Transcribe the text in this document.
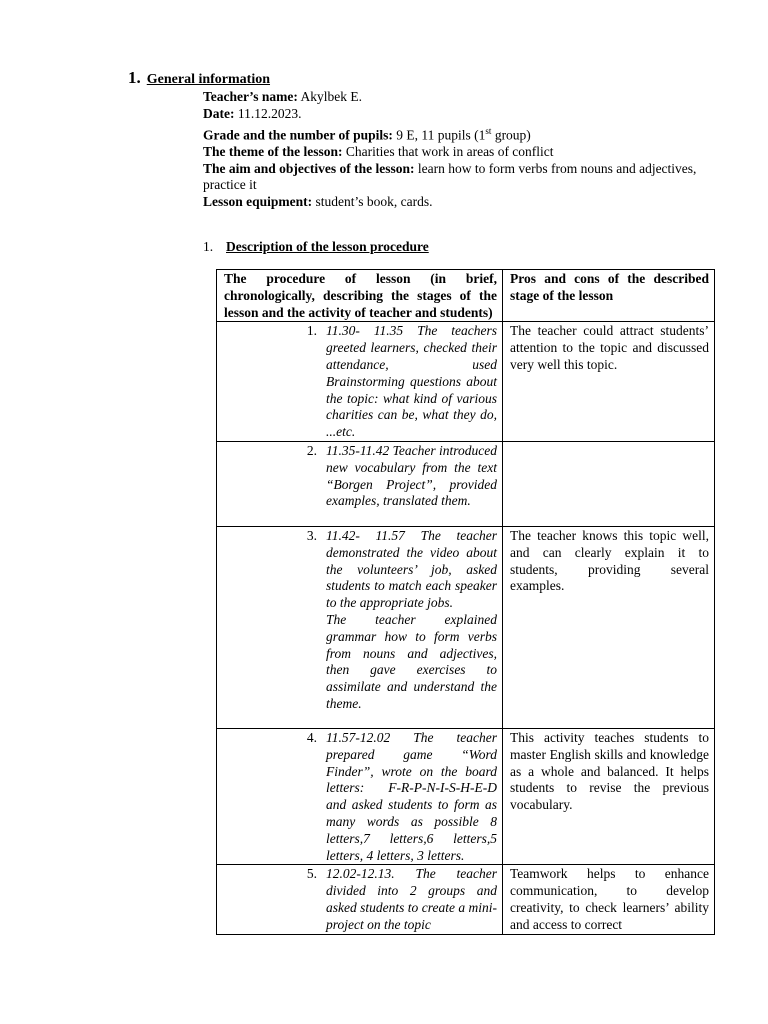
1. General information

Teacher’s name: Akylbek E.

Date: 11.12.2023.

Grade and the number of pupils: 9 E, 11 pupils (1st group)

The theme of the lesson: Charities that work in areas of conflict

The aim and objectives of the lesson: learn how to form verbs from nouns and adjectives, practice it

Lesson equipment: student’s book, cards.

1. Description of the lesson procedure
The procedure of lesson (in brief, chronologically, describing the stages of the lesson and the activity of teacher and students)	Pros and cons of the described stage of the lesson

1. 11.30- 11.35 The teachers greeted learners, checked their attendance, used Brainstorming questions about the topic: what kind of various charities can be, what they do, ...etc.	The teacher could attract students’ attention to the topic and discussed very well this topic.

2. 11.35-11.42 Teacher introduced new vocabulary from the text “Borgen Project”, provided examples, translated them.	

3. 11.42- 11.57 The teacher demonstrated the video about the volunteers’ job, asked students to match each speaker to the appropriate jobs.
The teacher explained grammar how to form verbs from nouns and adjectives, then gave exercises to assimilate and understand the theme.	The teacher knows this topic well, and can clearly explain it to students, providing several examples.

4. 11.57-12.02 The teacher prepared game “Word Finder”, wrote on the board letters: F-R-P-N-I-S-H-E-D and asked students to form as many words as possible 8 letters,7 letters,6 letters,5 letters, 4 letters, 3 letters.	This activity teaches students to master English skills and knowledge as a whole and balanced. It helps students to revise the previous vocabulary.

5. 12.02-12.13. The teacher divided into 2 groups and asked students to create a mini-project on the topic	Teamwork helps to enhance communication, to develop creativity, to check learners’ ability and access to correct
